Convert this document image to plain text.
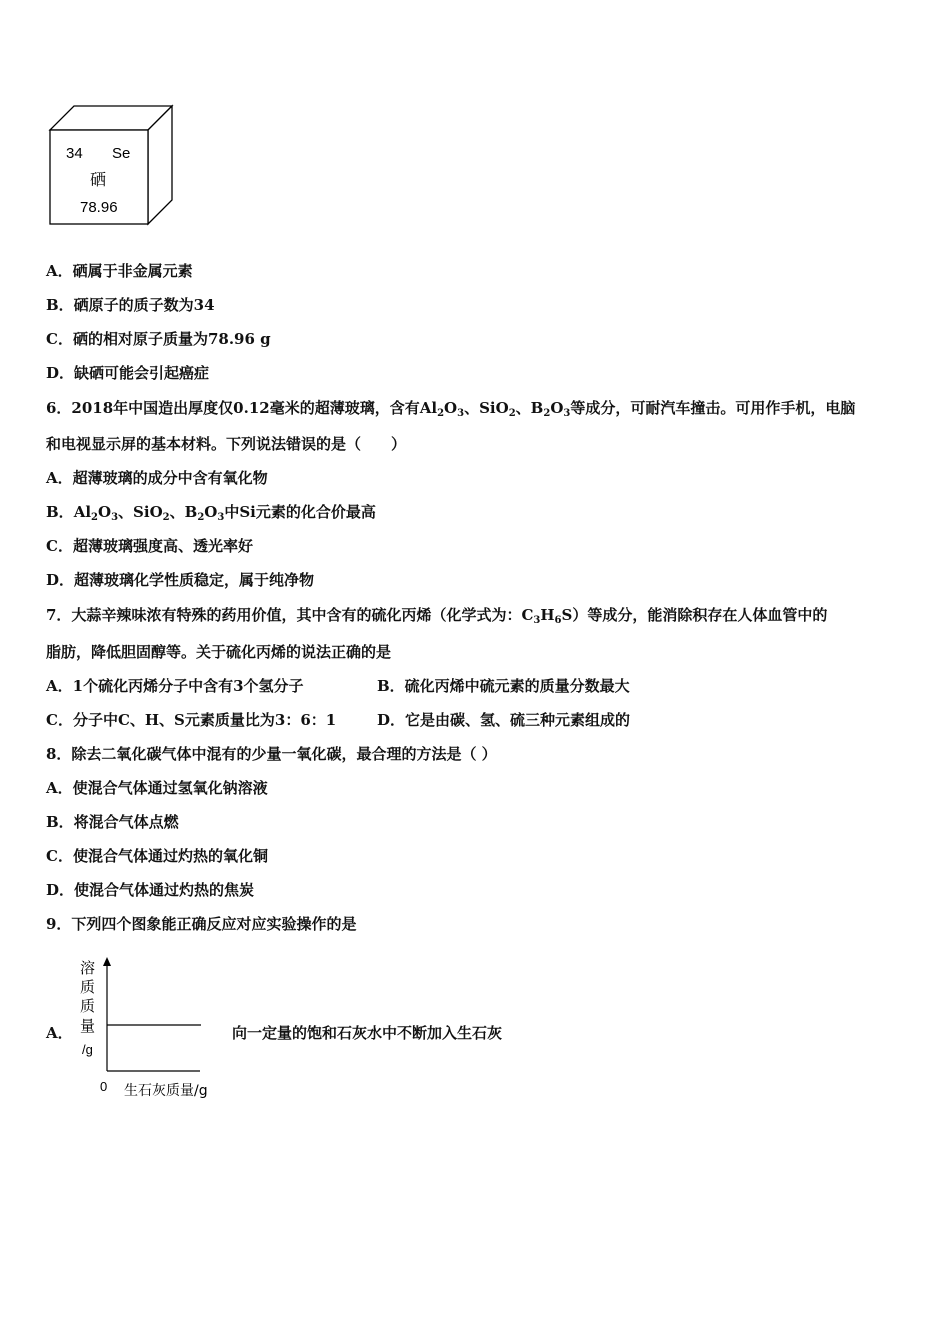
34 Se
硒
78.96
A．硒属于非金属元素
B．硒原子的质子数为34
C．硒的相对原子质量为78.96 g
D．缺硒可能会引起癌症
6．2018年中国造出厚度仅0.12毫米的超薄玻璃，含有$Al_2O_3$、SiO$_2$、$B_2O_3$等成分，可耐汽车撞击。可用作手机，电脑
和电视显示屏的基本材料。下列说法错误的是（　　）
A．超薄玻璃的成分中含有氧化物
B．$Al_2O_3$、SiO$_2$、$B_2O_3$中Si元素的化合价最高
C．超薄玻璃强度高、透光率好
D．超薄玻璃化学性质稳定，属于纯净物
7．大蒜辛辣味浓有特殊的药用价值，其中含有的硫化丙烯（化学式为：$C_3H_6S$）等成分，能消除积存在人体血管中的
脂肪，降低胆固醇等。关于硫化丙烯的说法正确的是
A．1个硫化丙烯分子中含有3个氢分子	B．硫化丙烯中硫元素的质量分数最大
C．分子中C、H、S元素质量比为3：6：1	D．它是由碳、氢、硫三种元素组成的
8．除去二氧化碳气体中混有的少量一氧化碳，最合理的方法是（ ）
A．使混合气体通过氢氧化钠溶液
B．将混合气体点燃
C．使混合气体通过灼热的氧化铜
D．使混合气体通过灼热的焦炭
9．下列四个图象能正确反应对应实验操作的是
A．
溶
质
质
量
/g
0 生石灰质量/g
向一定量的饱和石灰水中不断加入生石灰
